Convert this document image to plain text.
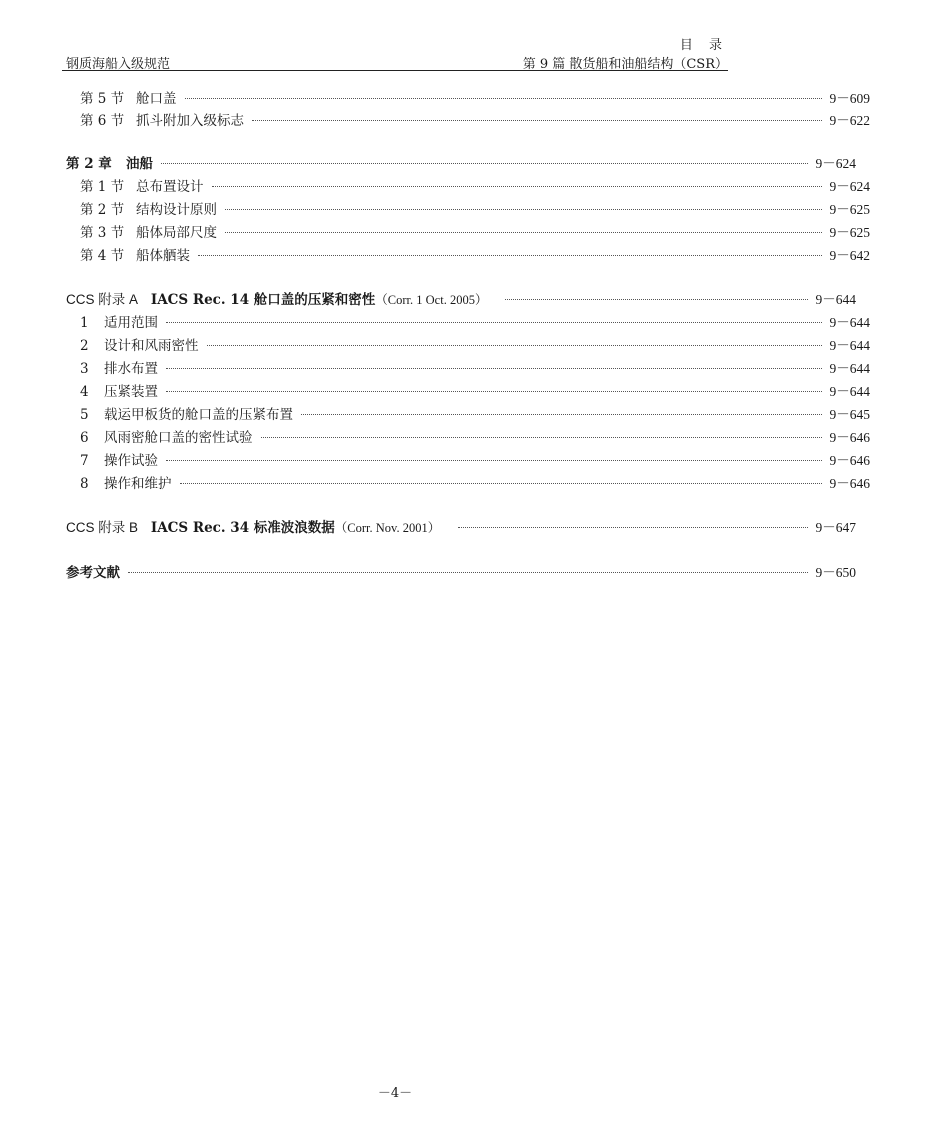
目 录
钢质海船入级规范	第 9 篇 散货船和油船结构（CSR）
第 5 节 舱口盖	9－609
第 6 节 抓斗附加入级标志	9－622
第 2 章 油船	9－624
第 1 节 总布置设计	9－624
第 2 节 结构设计原则	9－625
第 3 节 船体局部尺度	9－625
第 4 节 船体舾装	9－642
CCS 附录 A IACS Rec. 14 舱口盖的压紧和密性（Corr. 1 Oct. 2005）	9－644
1 适用范围	9－644
2 设计和风雨密性	9－644
3 排水布置	9－644
4 压紧装置	9－644
5 载运甲板货的舱口盖的压紧布置	9－645
6 风雨密舱口盖的密性试验	9－646
7 操作试验	9－646
8 操作和维护	9－646
CCS 附录 B IACS Rec. 34 标准波浪数据（Corr. Nov. 2001）	9－647
参考文献	9－650
－4－
